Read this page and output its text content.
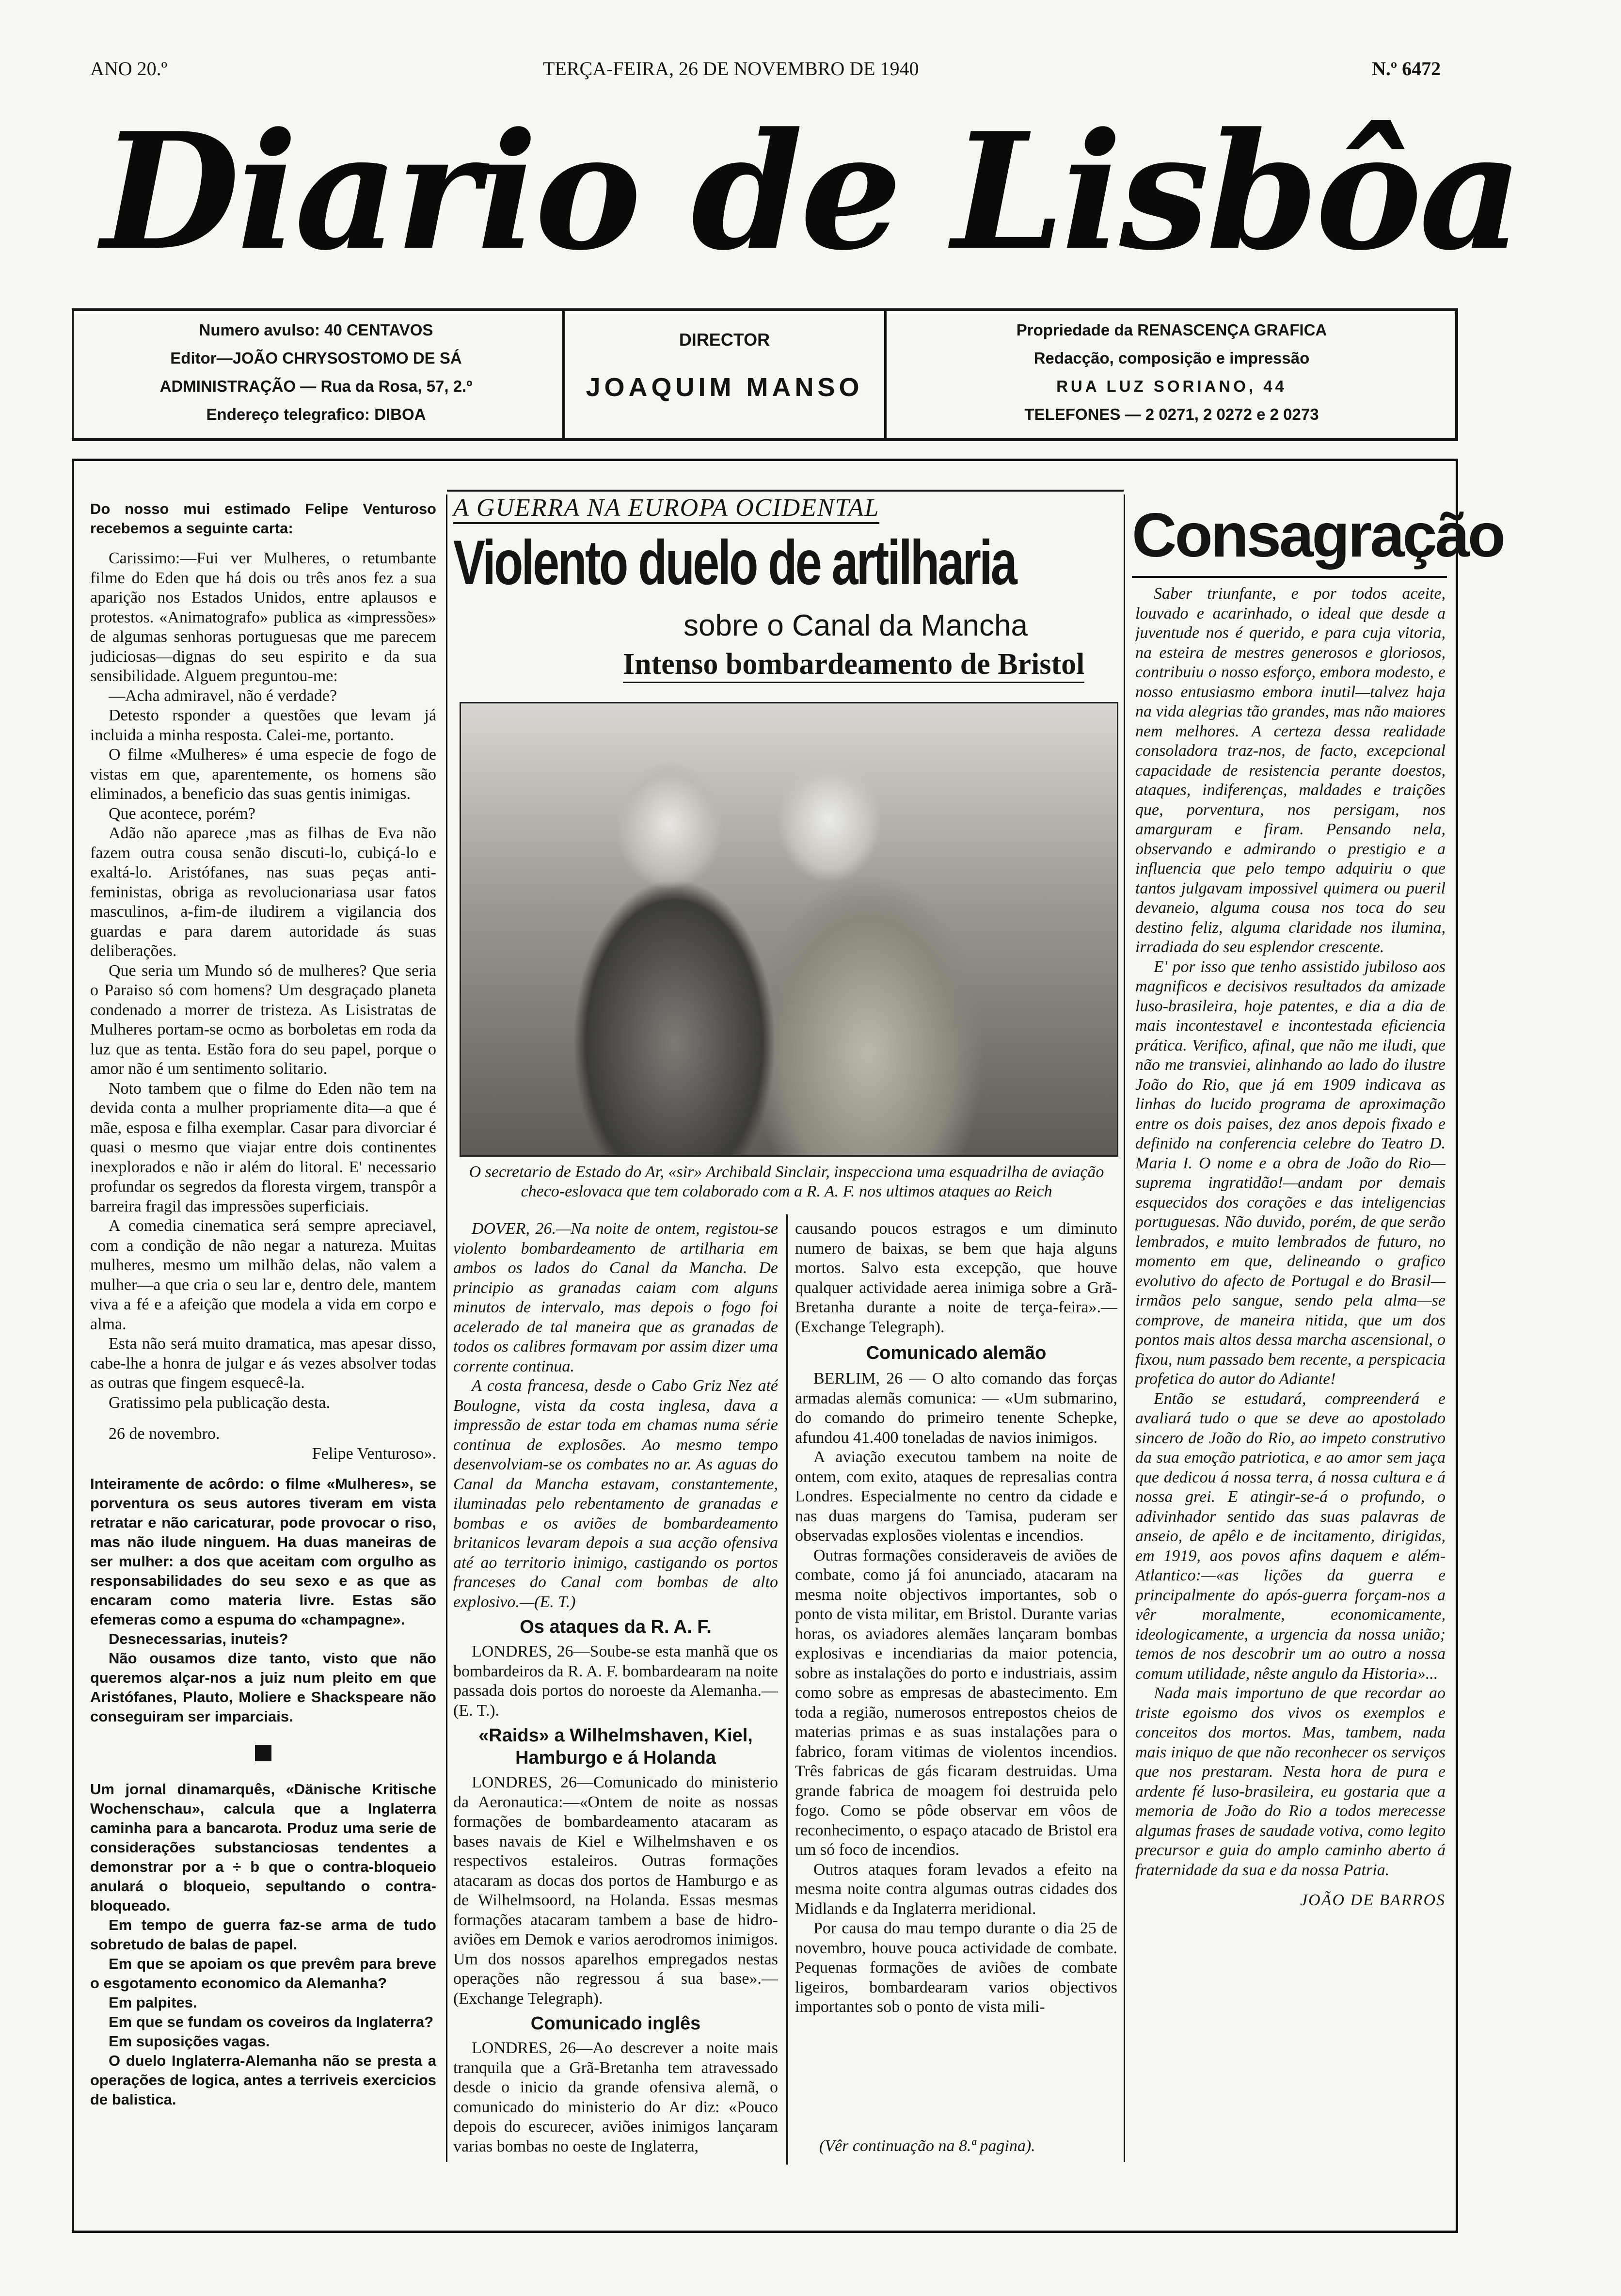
ANO 20.º	TERÇA-FEIRA, 26 DE NOVEMBRO DE 1940	N.º 6472
Diario de Lisbôa
Numero avulso: 40 CENTAVOS
Editor—JOÃO CHRYSOSTOMO DE SÁ
ADMINISTRAÇÃO — Rua da Rosa, 57, 2.º
Endereço telegrafico: DIBOA
DIRECTOR
JOAQUIM MANSO
Propriedade da RENASCENÇA GRAFICA
Redacção, composição e impressão
RUA LUZ SORIANO, 44
TELEFONES — 2 0271, 2 0272 e 2 0273

Do nosso mui estimado Felipe Venturoso recebemos a seguinte carta:

Carissimo:—Fui ver Mulheres, o retumbante filme do Eden que há dois ou três anos fez a sua aparição nos Estados Unidos, entre aplausos e protestos. «Animatografo» publica as «impressões» de algumas senhoras portuguesas que me parecem judiciosas—dignas do seu espirito e da sua sensibilidade. Alguem preguntou-me:

—Acha admiravel, não é verdade?

Detesto rsponder a questões que levam já incluida a minha resposta. Calei-me, portanto.

O filme «Mulheres» é uma especie de fogo de vistas em que, aparentemente, os homens são eliminados, a beneficio das suas gentis inimigas.

Que acontece, porém?

Adão não aparece ,mas as filhas de Eva não fazem outra cousa senão discuti-lo, cubiçá-lo e exaltá-lo. Aristófanes, nas suas peças anti-feministas, obriga as revolucionariasa usar fatos masculinos, a-fim-de iludirem a vigilancia dos guardas e para darem autoridade ás suas deliberações.

Que seria um Mundo só de mulheres? Que seria o Paraiso só com homens? Um desgraçado planeta condenado a morrer de tristeza. As Lisistratas de Mulheres portam-se ocmo as borboletas em roda da luz que as tenta. Estão fora do seu papel, porque o amor não é um sentimento solitario.

Noto tambem que o filme do Eden não tem na devida conta a mulher propriamente dita—a que é mãe, esposa e filha exemplar. Casar para divorciar é quasi o mesmo que viajar entre dois continentes inexplorados e não ir além do litoral. E' necessario profundar os segredos da floresta virgem, transpôr a barreira fragil das impressões superficiais.

A comedia cinematica será sempre apreciavel, com a condição de não negar a natureza. Muitas mulheres, mesmo um milhão delas, não valem a mulher—a que cria o seu lar e, dentro dele, mantem viva a fé e a afeição que modela a vida em corpo e alma.

Esta não será muito dramatica, mas apesar disso, cabe-lhe a honra de julgar e ás vezes absolver todas as outras que fingem esquecê-la.

Gratissimo pela publicação desta.

26 de novembro.

Felipe Venturoso».

Inteiramente de acôrdo: o filme «Mulheres», se porventura os seus autores tiveram em vista retratar e não caricaturar, pode provocar o riso, mas não ilude ninguem. Ha duas maneiras de ser mulher: a dos que aceitam com orgulho as responsabilidades do seu sexo e as que as encaram como materia livre. Estas são efemeras como a espuma do «champagne».

Desnecessarias, inuteis?

Não ousamos dize tanto, visto que não queremos alçar-nos a juiz num pleito em que Aristófanes, Plauto, Moliere e Shackspeare não conseguiram ser imparciais.

Um jornal dinamarquês, «Dänische Kritische Wochenschau», calcula que a Inglaterra caminha para a bancarota. Produz uma serie de considerações substanciosas tendentes a demonstrar por a ÷ b que o contra-bloqueio anulará o bloqueio, sepultando o contra-bloqueado.

Em tempo de guerra faz-se arma de tudo sobretudo de balas de papel.

Em que se apoiam os que prevêm para breve o esgotamento economico da Alemanha?

Em palpites.

Em que se fundam os coveiros da Inglaterra?

Em suposições vagas.

O duelo Inglaterra-Alemanha não se presta a operações de logica, antes a terriveis exercicios de balistica.

A GUERRA NA EUROPA OCIDENTAL
Violento duelo de artilharia
sobre o Canal da Mancha
Intenso bombardeamento de Bristol
O secretario de Estado do Ar, «sir» Archibald Sinclair, inspecciona uma esquadrilha de aviação checo-eslovaca que tem colaborado com a R. A. F. nos ultimos ataques ao Reich

DOVER, 26.—Na noite de ontem, registou-se violento bombardeamento de artilharia em ambos os lados do Canal da Mancha. De principio as granadas caiam com alguns minutos de intervalo, mas depois o fogo foi acelerado de tal maneira que as granadas de todos os calibres formavam por assim dizer uma corrente continua.

A costa francesa, desde o Cabo Griz Nez até Boulogne, vista da costa inglesa, dava a impressão de estar toda em chamas numa série continua de explosões. Ao mesmo tempo desenvolviam-se os combates no ar. As aguas do Canal da Mancha estavam, constantemente, iluminadas pelo rebentamento de granadas e bombas e os aviões de bombardeamento britanicos levaram depois a sua acção ofensiva até ao territorio inimigo, castigando os portos franceses do Canal com bombas de alto explosivo.—(E. T.)

Os ataques da R. A. F.

LONDRES, 26—Soube-se esta manhã que os bombardeiros da R. A. F. bombardearam na noite passada dois portos do noroeste da Alemanha.—(E. T.).

«Raids» a Wilhelmshaven, Kiel, Hamburgo e á Holanda

LONDRES, 26—Comunicado do ministerio da Aeronautica:—«Ontem de noite as nossas formações de bombardeamento atacaram as bases navais de Kiel e Wilhelmshaven e os respectivos estaleiros. Outras formações atacaram as docas dos portos de Hamburgo e as de Wilhelmsoord, na Holanda. Essas mesmas formações atacaram tambem a base de hidro-aviões em Demok e varios aerodromos inimigos. Um dos nossos aparelhos empregados nestas operações não regressou á sua base».—(Exchange Telegraph).

Comunicado inglês

LONDRES, 26—Ao descrever a noite mais tranquila que a Grã-Bretanha tem atravessado desde o inicio da grande ofensiva alemã, o comunicado do ministerio do Ar diz: «Pouco depois do escurecer, aviões inimigos lançaram varias bombas no oeste de Inglaterra,

causando poucos estragos e um diminuto numero de baixas, se bem que haja alguns mortos. Salvo esta excepção, que houve qualquer actividade aerea inimiga sobre a Grã-Bretanha durante a noite de terça-feira».—(Exchange Telegraph).

Comunicado alemão

BERLIM, 26 — O alto comando das forças armadas alemãs comunica: — «Um submarino, do comando do primeiro tenente Schepke, afundou 41.400 toneladas de navios inimigos.

A aviação executou tambem na noite de ontem, com exito, ataques de represalias contra Londres. Especialmente no centro da cidade e nas duas margens do Tamisa, puderam ser observadas explosões violentas e incendios.

Outras formações consideraveis de aviões de combate, como já foi anunciado, atacaram na mesma noite objectivos importantes, sob o ponto de vista militar, em Bristol. Durante varias horas, os aviadores alemães lançaram bombas explosivas e incendiarias da maior potencia, sobre as instalações do porto e industriais, assim como sobre as empresas de abastecimento. Em toda a região, numerosos entrepostos cheios de materias primas e as suas instalações para o fabrico, foram vitimas de violentos incendios. Três fabricas de gás ficaram destruidas. Uma grande fabrica de moagem foi destruida pelo fogo. Como se pôde observar em vôos de reconhecimento, o espaço atacado de Bristol era um só foco de incendios.

Outros ataques foram levados a efeito na mesma noite contra algumas outras cidades dos Midlands e da Inglaterra meridional.

Por causa do mau tempo durante o dia 25 de novembro, houve pouca actividade de combate. Pequenas formações de aviões de combate ligeiros, bombardearam varios objectivos importantes sob o ponto de vista mili-

(Vêr continuação na 8.ª pagina).
Consagração

Saber triunfante, e por todos aceite, louvado e acarinhado, o ideal que desde a juventude nos é querido, e para cuja vitoria, na esteira de mestres generosos e gloriosos, contribuiu o nosso esforço, embora modesto, e nosso entusiasmo embora inutil—talvez haja na vida alegrias tão grandes, mas não maiores nem melhores. A certeza dessa realidade consoladora traz-nos, de facto, excepcional capacidade de resistencia perante doestos, ataques, indiferenças, maldades e traições que, porventura, nos persigam, nos amarguram e firam. Pensando nela, observando e admirando o prestigio e a influencia que pelo tempo adquiriu o que tantos julgavam impossivel quimera ou pueril devaneio, alguma cousa nos toca do seu destino feliz, alguma claridade nos ilumina, irradiada do seu esplendor crescente.

E' por isso que tenho assistido jubiloso aos magnificos e decisivos resultados da amizade luso-brasileira, hoje patentes, e dia a dia de mais incontestavel e incontestada eficiencia prática. Verifico, afinal, que não me iludi, que não me transviei, alinhando ao lado do ilustre João do Rio, que já em 1909 indicava as linhas do lucido programa de aproximação entre os dois paises, dez anos depois fixado e definido na conferencia celebre do Teatro D. Maria I. O nome e a obra de João do Rio—suprema ingratidão!—andam por demais esquecidos dos corações e das inteligencias portuguesas. Não duvido, porém, de que serão lembrados, e muito lembrados de futuro, no momento em que, delineando o grafico evolutivo do afecto de Portugal e do Brasil—irmãos pelo sangue, sendo pela alma—se comprove, de maneira nitida, que um dos pontos mais altos dessa marcha ascensional, o fixou, num passado bem recente, a perspicacia profetica do autor do Adiante!

Então se estudará, compreenderá e avaliará tudo o que se deve ao apostolado sincero de João do Rio, ao impeto construtivo da sua emoção patriotica, e ao amor sem jaça que dedicou á nossa terra, á nossa cultura e á nossa grei. E atingir-se-á o profundo, o adivinhador sentido das suas palavras de anseio, de apêlo e de incitamento, dirigidas, em 1919, aos povos afins daquem e além-Atlantico:—«as lições da guerra e principalmente do após-guerra forçam-nos a vêr moralmente, economicamente, ideologicamente, a urgencia da nossa união; temos de nos descobrir um ao outro a nossa comum utilidade, nêste angulo da Historia»...

Nada mais importuno de que recordar ao triste egoismo dos vivos os exemplos e conceitos dos mortos. Mas, tambem, nada mais iniquo de que não reconhecer os serviços que nos prestaram. Nesta hora de pura e ardente fé luso-brasileira, eu gostaria que a memoria de João do Rio a todos merecesse algumas frases de saudade votiva, como legito precursor e guia do amplo caminho aberto á fraternidade da sua e da nossa Patria.

JOÃO DE BARROS
